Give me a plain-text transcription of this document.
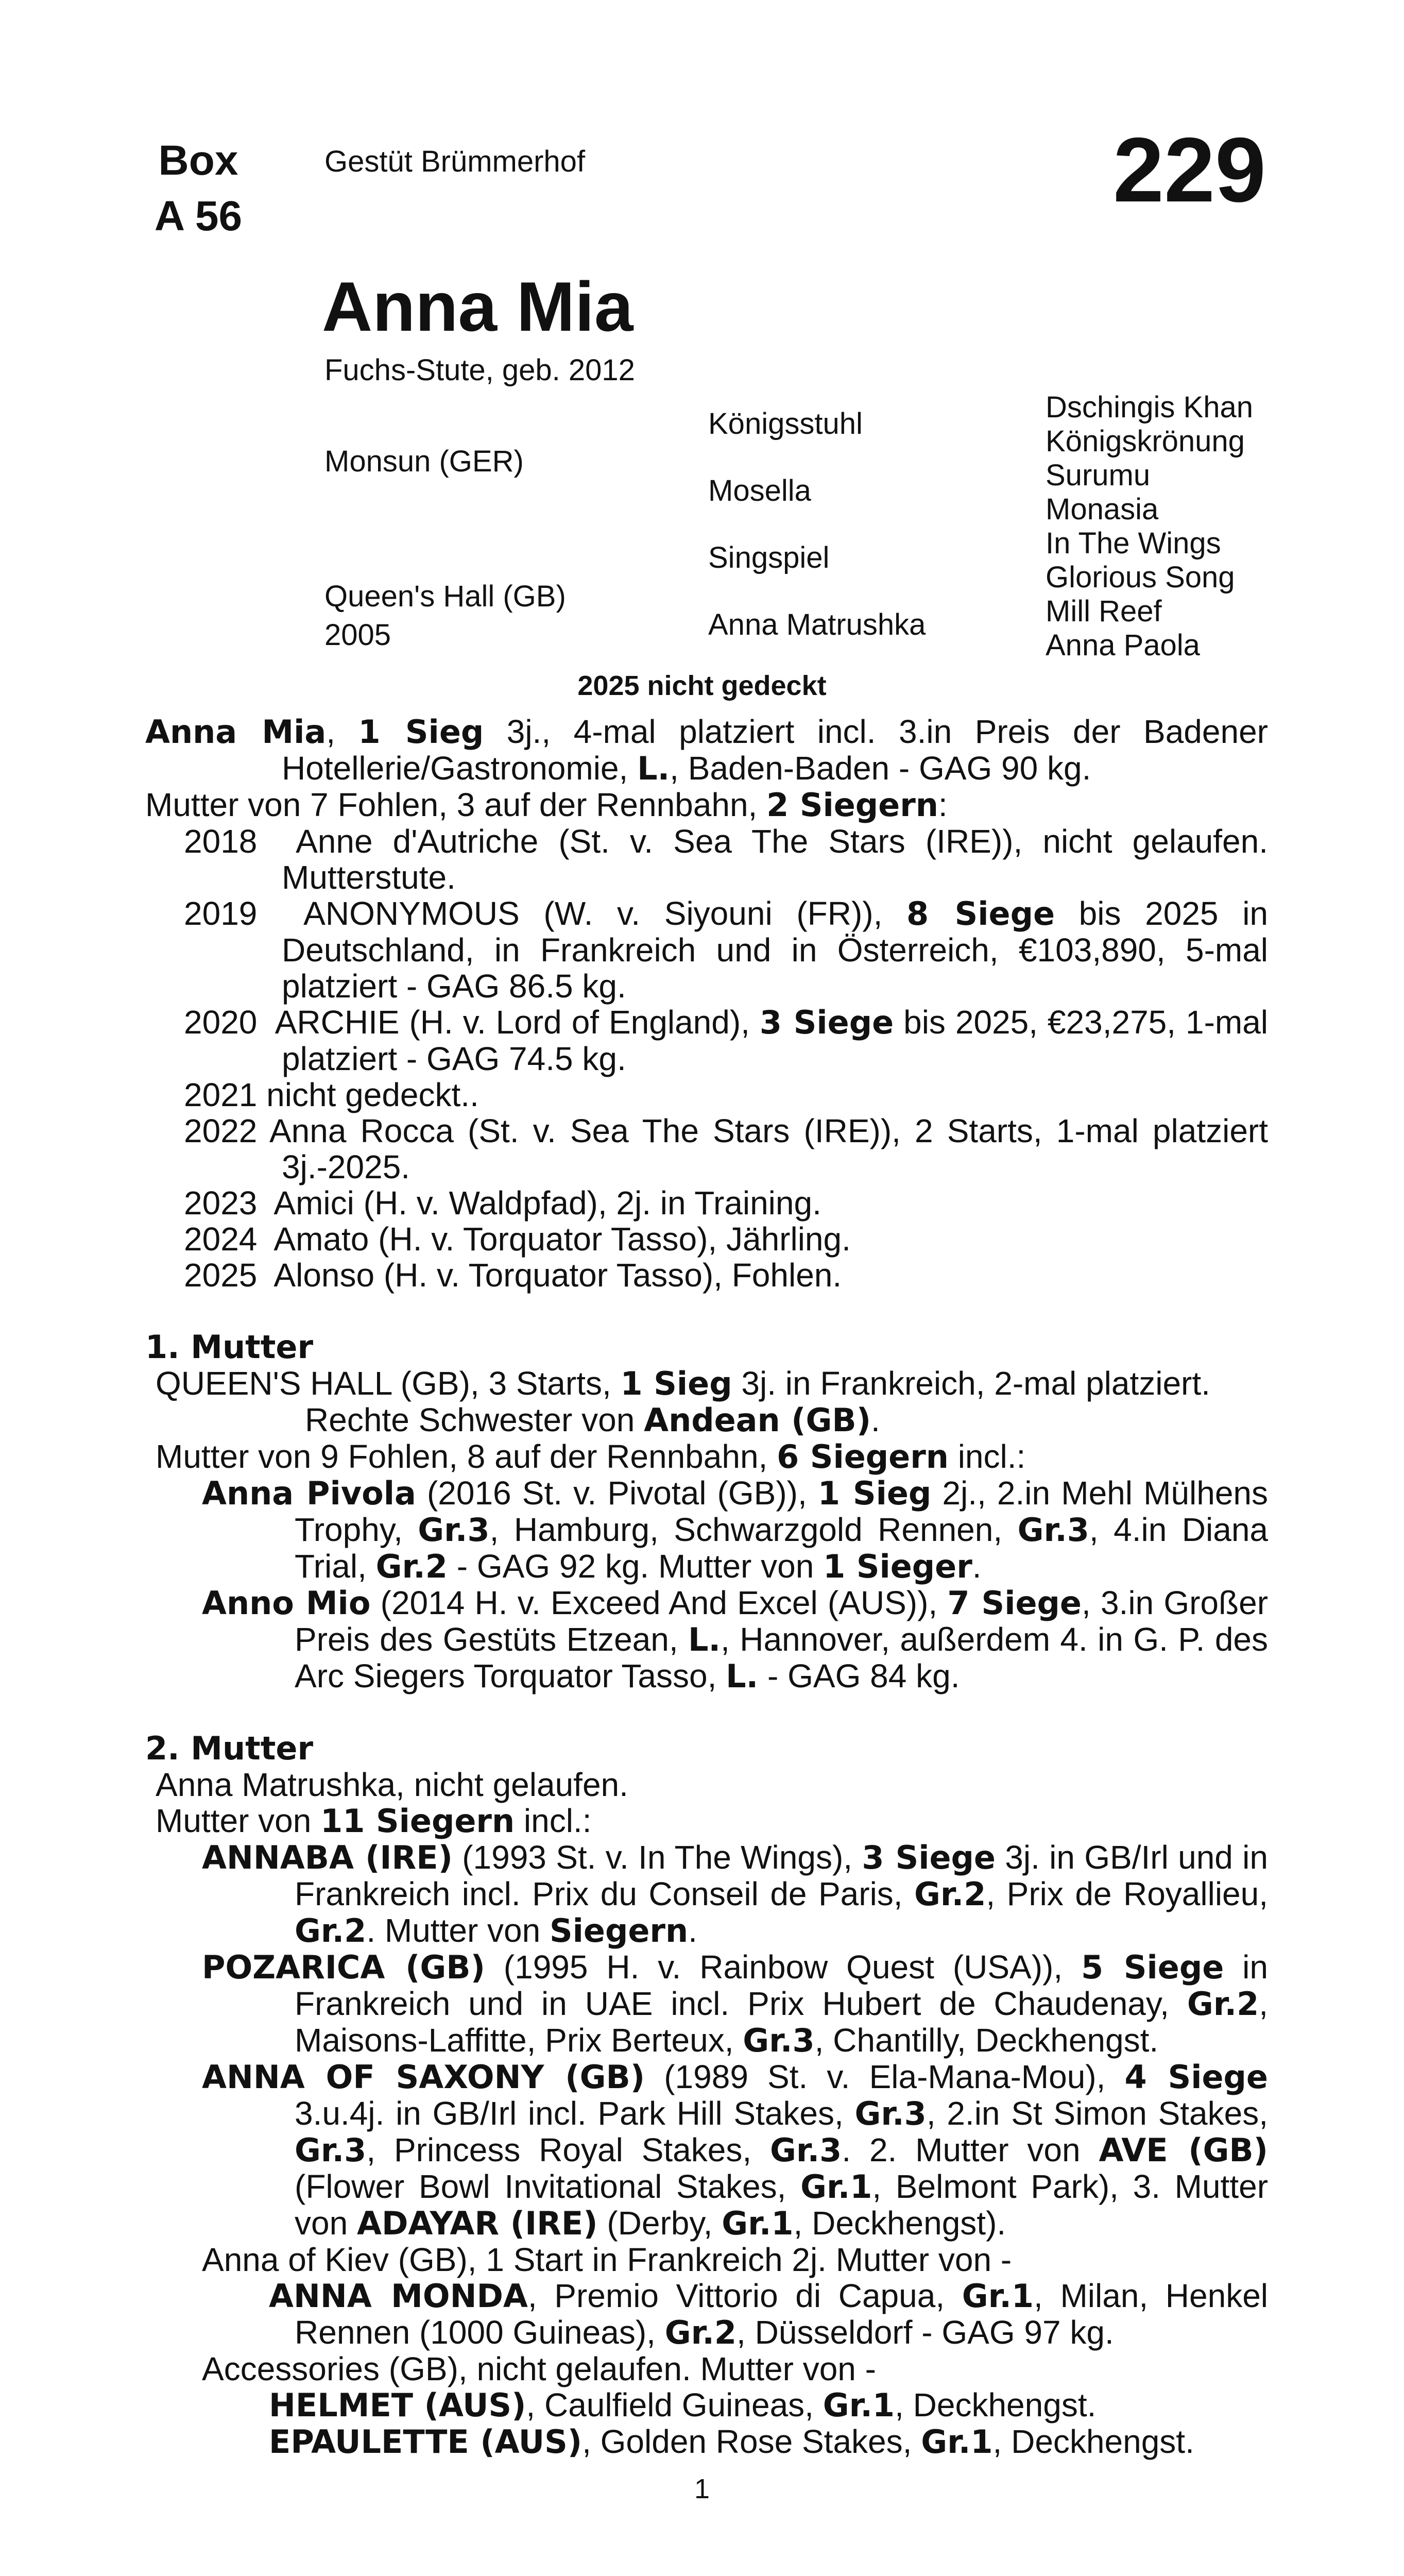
Box
A 56
Gestüt Brümmerhof	229
Anna Mia
Fuchs-Stute, geb. 2012
Monsun (GER)
Queen's Hall (GB)
2005
Königsstuhl
Mosella
Singspiel
Anna Matrushka
Dschingis Khan
Königskrönung
Surumu
Monasia
In The Wings
Glorious Song
Mill Reef
Anna Paola
2025 nicht gedeckt
Anna Mia, 1 Sieg 3j., 4-mal platziert incl. 3.in Preis der Badener Hotellerie/Gastronomie, L., Baden-Baden - GAG 90 kg.
Mutter von 7 Fohlen, 3 auf der Rennbahn, 2 Siegern:
2018 Anne d'Autriche (St. v. Sea The Stars (IRE)), nicht gelaufen. Mutterstute.
2019 ANONYMOUS (W. v. Siyouni (FR)), 8 Siege bis 2025 in Deutschland, in Frankreich und in Österreich, €103,890, 5-mal platziert - GAG 86.5 kg.
2020 ARCHIE (H. v. Lord of England), 3 Siege bis 2025, €23,275, 1-mal platziert - GAG 74.5 kg.
2021 nicht gedeckt..
2022 Anna Rocca (St. v. Sea The Stars (IRE)), 2 Starts, 1-mal platziert 3j.-2025.
2023 Amici (H. v. Waldpfad), 2j. in Training.
2024 Amato (H. v. Torquator Tasso), Jährling.
2025 Alonso (H. v. Torquator Tasso), Fohlen.
1. Mutter
QUEEN'S HALL (GB), 3 Starts, 1 Sieg 3j. in Frankreich, 2-mal platziert.
Rechte Schwester von Andean (GB).
Mutter von 9 Fohlen, 8 auf der Rennbahn, 6 Siegern incl.:
Anna Pivola (2016 St. v. Pivotal (GB)), 1 Sieg 2j., 2.in Mehl Mülhens Trophy, Gr.3, Hamburg, Schwarzgold Rennen, Gr.3, 4.in Diana Trial, Gr.2 - GAG 92 kg. Mutter von 1 Sieger.
Anno Mio (2014 H. v. Exceed And Excel (AUS)), 7 Siege, 3.in Großer Preis des Gestüts Etzean, L., Hannover, außerdem 4. in G. P. des Arc Siegers Torquator Tasso, L. - GAG 84 kg.
2. Mutter
Anna Matrushka, nicht gelaufen.
Mutter von 11 Siegern incl.:
ANNABA (IRE) (1993 St. v. In The Wings), 3 Siege 3j. in GB/Irl und in Frankreich incl. Prix du Conseil de Paris, Gr.2, Prix de Royallieu, Gr.2. Mutter von Siegern.
POZARICA (GB) (1995 H. v. Rainbow Quest (USA)), 5 Siege in Frankreich und in UAE incl. Prix Hubert de Chaudenay, Gr.2, Maisons-Laffitte, Prix Berteux, Gr.3, Chantilly, Deckhengst.
ANNA OF SAXONY (GB) (1989 St. v. Ela-Mana-Mou), 4 Siege 3.u.4j. in GB/Irl incl. Park Hill Stakes, Gr.3, 2.in St Simon Stakes, Gr.3, Princess Royal Stakes, Gr.3. 2. Mutter von AVE (GB) (Flower Bowl Invitational Stakes, Gr.1, Belmont Park), 3. Mutter von ADAYAR (IRE) (Derby, Gr.1, Deckhengst).
Anna of Kiev (GB), 1 Start in Frankreich 2j. Mutter von -
ANNA MONDA, Premio Vittorio di Capua, Gr.1, Milan, Henkel Rennen (1000 Guineas), Gr.2, Düsseldorf - GAG 97 kg.
Accessories (GB), nicht gelaufen. Mutter von -
HELMET (AUS), Caulfield Guineas, Gr.1, Deckhengst.
EPAULETTE (AUS), Golden Rose Stakes, Gr.1, Deckhengst.
1
